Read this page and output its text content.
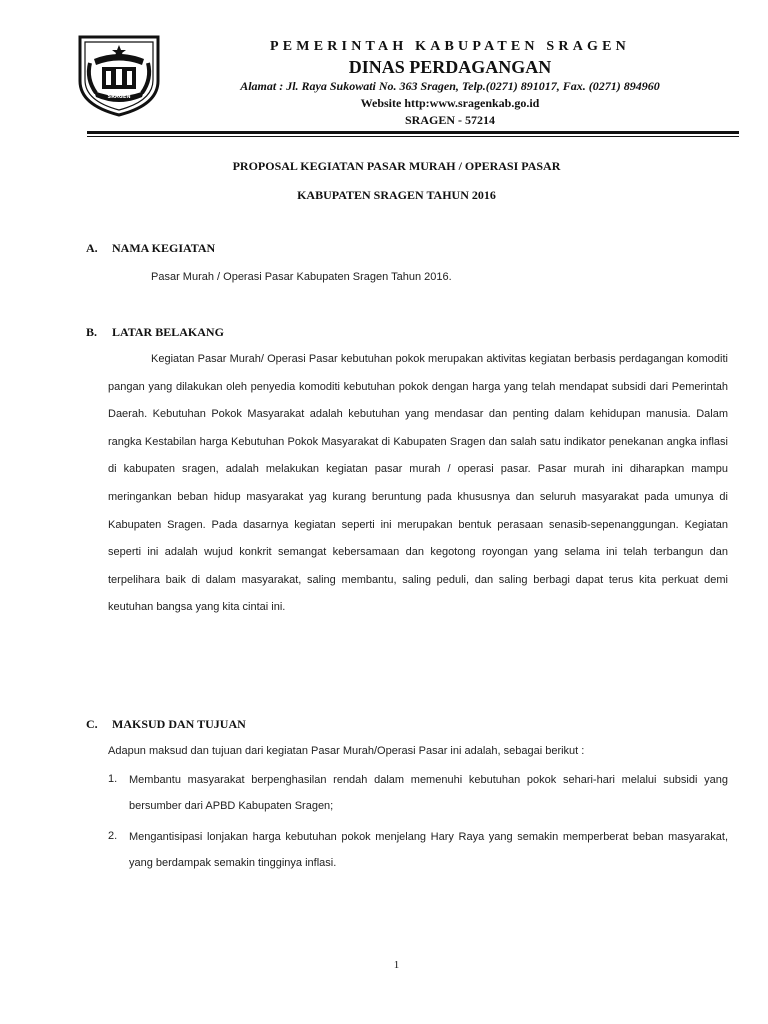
SRAGEN
PEMERINTAH KABUPATEN SRAGEN
DINAS PERDAGANGAN
Alamat : Jl. Raya Sukowati No. 363 Sragen, Telp.(0271) 891017, Fax. (0271) 894960
Website http:www.sragenkab.go.id
SRAGEN - 57214
PROPOSAL KEGIATAN PASAR MURAH / OPERASI PASAR
KABUPATEN SRAGEN TAHUN 2016
A. NAMA KEGIATAN
Pasar Murah / Operasi Pasar Kabupaten Sragen Tahun 2016.
B. LATAR BELAKANG
Kegiatan Pasar Murah/ Operasi Pasar kebutuhan pokok merupakan aktivitas kegiatan berbasis perdagangan komoditi pangan yang dilakukan oleh penyedia komoditi kebutuhan pokok dengan harga yang telah mendapat subsidi dari Pemerintah Daerah. Kebutuhan Pokok Masyarakat adalah kebutuhan yang mendasar dan penting dalam kehidupan manusia. Dalam rangka Kestabilan harga Kebutuhan Pokok Masyarakat di Kabupaten Sragen dan salah satu indikator penekanan angka inflasi di kabupaten sragen, adalah melakukan kegiatan pasar murah / operasi pasar. Pasar murah ini diharapkan mampu meringankan beban hidup masyarakat yag kurang beruntung pada khususnya dan seluruh masyarakat pada umunya di Kabupaten Sragen. Pada dasarnya kegiatan seperti ini merupakan bentuk perasaan senasib-sepenanggungan. Kegiatan seperti ini adalah wujud konkrit semangat kebersamaan dan kegotong royongan yang selama ini telah terbangun dan terpelihara baik di dalam masyarakat, saling membantu, saling peduli, dan saling berbagi dapat terus kita perkuat demi keutuhan bangsa yang kita cintai ini.
C. MAKSUD DAN TUJUAN
Adapun maksud dan tujuan dari kegiatan Pasar Murah/Operasi Pasar ini adalah, sebagai berikut :
1. Membantu masyarakat berpenghasilan rendah dalam memenuhi kebutuhan pokok sehari-hari melalui subsidi yang bersumber dari APBD Kabupaten Sragen;
2. Mengantisipasi lonjakan harga kebutuhan pokok menjelang Hary Raya yang semakin memperberat beban masyarakat, yang berdampak semakin tingginya inflasi.
1
